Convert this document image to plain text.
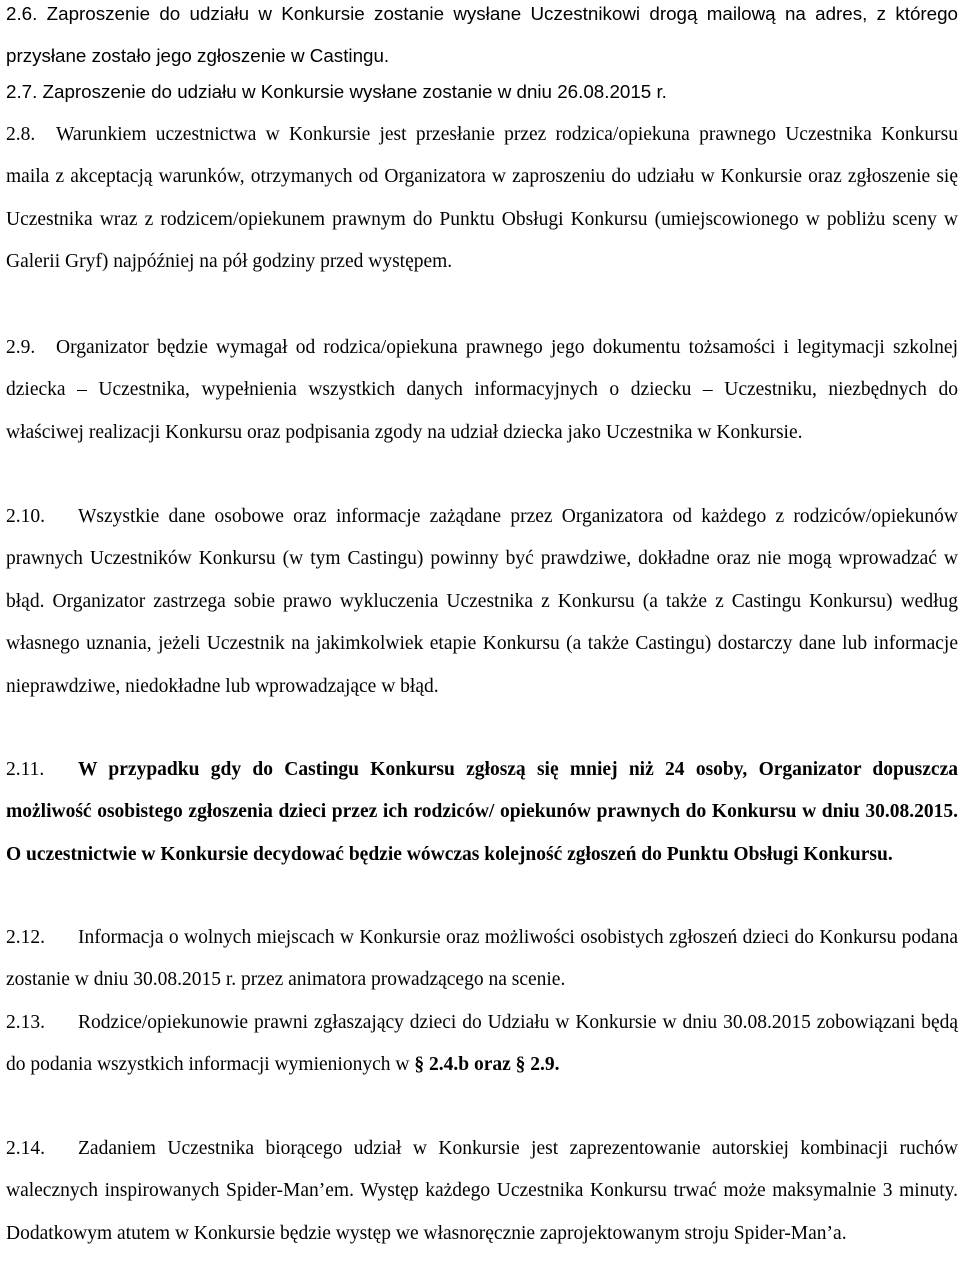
2.6. Zaproszenie do udziału w Konkursie zostanie wysłane Uczestnikowi drogą mailową na adres, z którego przysłane zostało jego zgłoszenie w Castingu.

2.7. Zaproszenie do udziału w Konkursie wysłane zostanie w dniu 26.08.2015 r.

2.8. Warunkiem uczestnictwa w Konkursie jest przesłanie przez rodzica/opiekuna prawnego Uczestnika Konkursu maila z akceptacją warunków, otrzymanych od Organizatora w zaproszeniu do udziału w Konkursie oraz zgłoszenie się Uczestnika wraz z rodzicem/opiekunem prawnym do Punktu Obsługi Konkursu (umiejscowionego w pobliżu sceny w Galerii Gryf) najpóźniej na pół godziny przed występem.

2.9. Organizator będzie wymagał od rodzica/opiekuna prawnego jego dokumentu tożsamości i legitymacji szkolnej dziecka – Uczestnika, wypełnienia wszystkich danych informacyjnych o dziecku – Uczestniku, niezbędnych do właściwej realizacji Konkursu oraz podpisania zgody na udział dziecka jako Uczestnika w Konkursie.

2.10. Wszystkie dane osobowe oraz informacje zażądane przez Organizatora od każdego z rodziców/opiekunów prawnych Uczestników Konkursu (w tym Castingu) powinny być prawdziwe, dokładne oraz nie mogą wprowadzać w błąd. Organizator zastrzega sobie prawo wykluczenia Uczestnika z Konkursu (a także z Castingu Konkursu) według własnego uznania, jeżeli Uczestnik na jakimkolwiek etapie Konkursu (a także Castingu) dostarczy dane lub informacje nieprawdziwe, niedokładne lub wprowadzające w błąd.

2.11. W przypadku gdy do Castingu Konkursu zgłoszą się mniej niż 24 osoby, Organizator dopuszcza możliwość osobistego zgłoszenia dzieci przez ich rodziców/ opiekunów prawnych do Konkursu w dniu 30.08.2015. O uczestnictwie w Konkursie decydować będzie wówczas kolejność zgłoszeń do Punktu Obsługi Konkursu.

2.12. Informacja o wolnych miejscach w Konkursie oraz możliwości osobistych zgłoszeń dzieci do Konkursu podana zostanie w dniu 30.08.2015 r. przez animatora prowadzącego na scenie.

2.13. Rodzice/opiekunowie prawni zgłaszający dzieci do Udziału w Konkursie w dniu 30.08.2015 zobowiązani będą do podania wszystkich informacji wymienionych w § 2.4.b oraz § 2.9.

2.14. Zadaniem Uczestnika biorącego udział w Konkursie jest zaprezentowanie autorskiej kombinacji ruchów walecznych inspirowanych Spider-Man’em. Występ każdego Uczestnika Konkursu trwać może maksymalnie 3 minuty. Dodatkowym atutem w Konkursie będzie występ we własnoręcznie zaprojektowanym stroju Spider-Man’a.
